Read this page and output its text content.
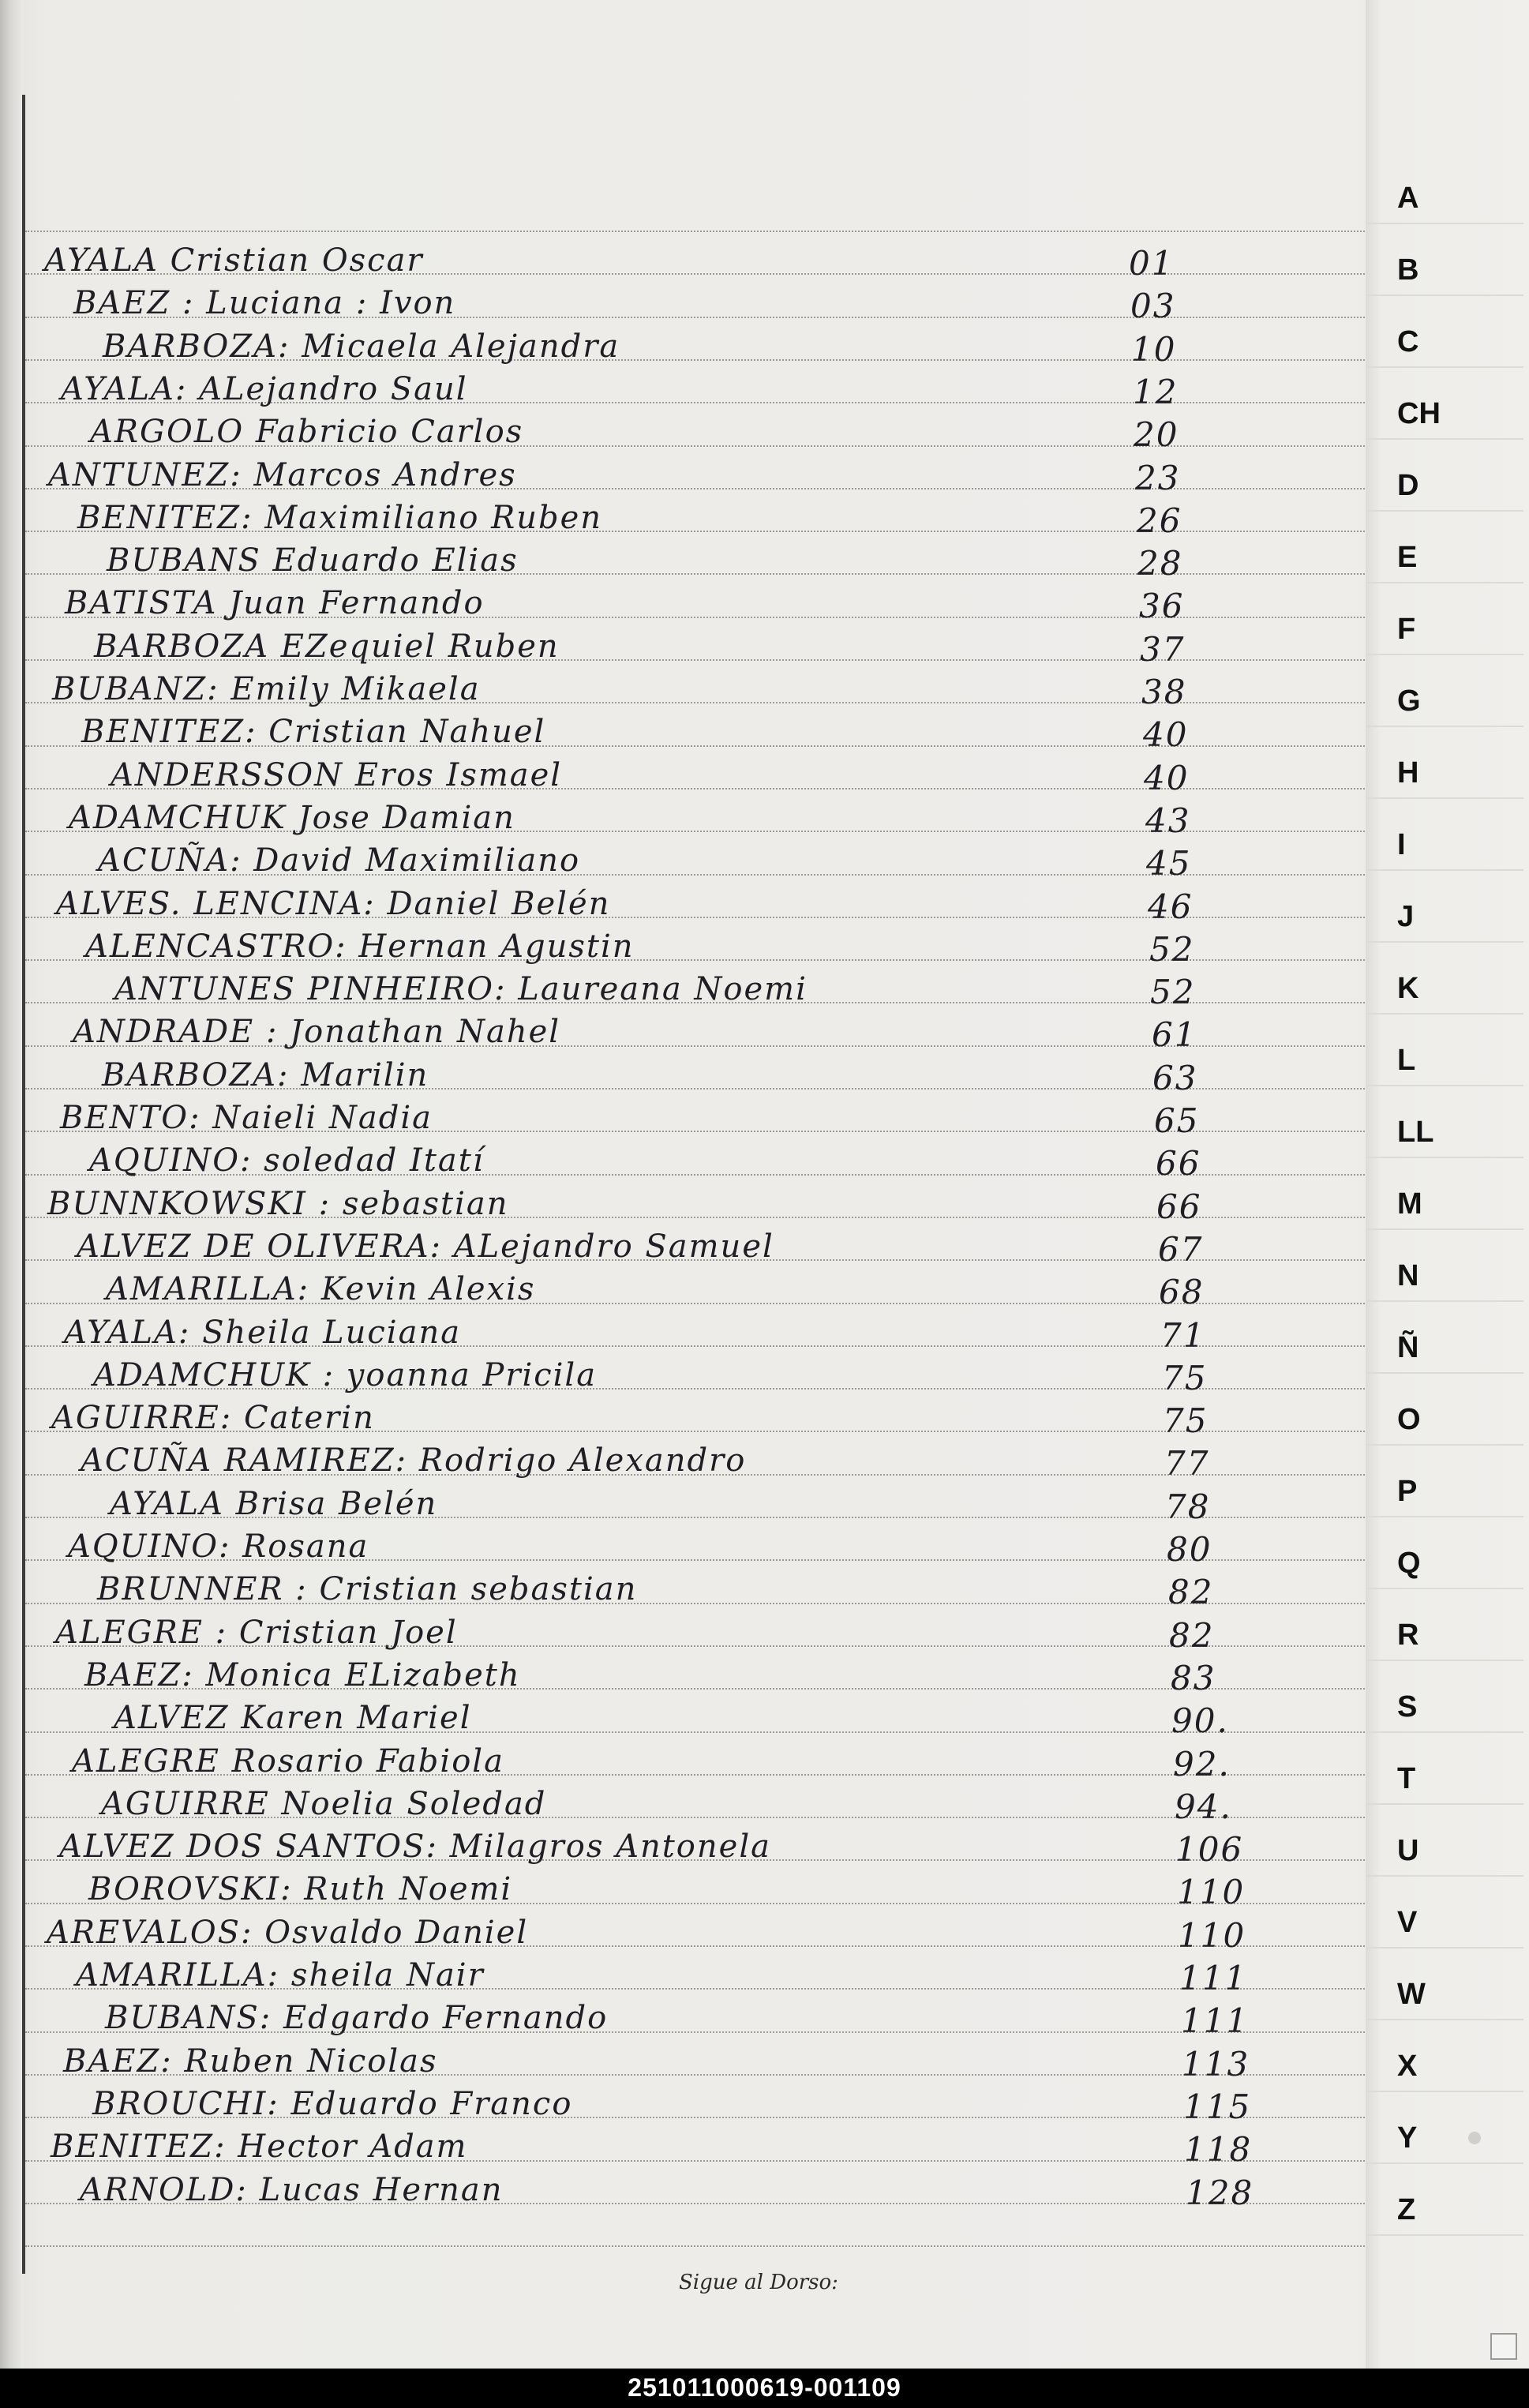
AYALA Cristian Oscar	01
BAEZ : Luciana : Ivon	03
BARBOZA: Micaela Alejandra	10
AYALA: ALejandro Saul	12
ARGOLO Fabricio Carlos	20
ANTUNEZ: Marcos Andres	23
BENITEZ: Maximiliano Ruben	26
BUBANS Eduardo Elias	28
BATISTA Juan Fernando	36
BARBOZA EZequiel Ruben	37
BUBANZ: Emily Mikaela	38
BENITEZ: Cristian Nahuel	40
ANDERSSON Eros Ismael	40
ADAMCHUK Jose Damian	43
ACUÑA: David Maximiliano	45
ALVES. LENCINA: Daniel Belén	46
ALENCASTRO: Hernan Agustin	52
ANTUNES PINHEIRO: Laureana Noemi	52
ANDRADE : Jonathan Nahel	61
BARBOZA: Marilin	63
BENTO: Naieli Nadia	65
AQUINO: soledad Itatí	66
BUNNKOWSKI : sebastian	66
ALVEZ DE OLIVERA: ALejandro Samuel	67
AMARILLA: Kevin Alexis	68
AYALA: Sheila Luciana	71
ADAMCHUK : yoanna Pricila	75
AGUIRRE: Caterin	75
ACUÑA RAMIREZ: Rodrigo Alexandro	77
AYALA Brisa Belén	78
AQUINO: Rosana	80
BRUNNER : Cristian sebastian	82
ALEGRE : Cristian Joel	82
BAEZ: Monica ELizabeth	83
ALVEZ Karen Mariel	90.
ALEGRE Rosario Fabiola	92.
AGUIRRE Noelia Soledad	94.
ALVEZ DOS SANTOS: Milagros Antonela	106
BOROVSKI: Ruth Noemi	110
AREVALOS: Osvaldo Daniel	110
AMARILLA: sheila Nair	111
BUBANS: Edgardo Fernando	111
BAEZ: Ruben Nicolas	113
BROUCHI: Eduardo Franco	115
BENITEZ: Hector Adam	118
ARNOLD: Lucas Hernan	128
Sigue al Dorso:
A
B
C
CH
D
E
F
G
H
I
J
K
L
LL
M
N
Ñ
O
P
Q
R
S
T
U
V
W
X
Y
Z
251011000619-001109
